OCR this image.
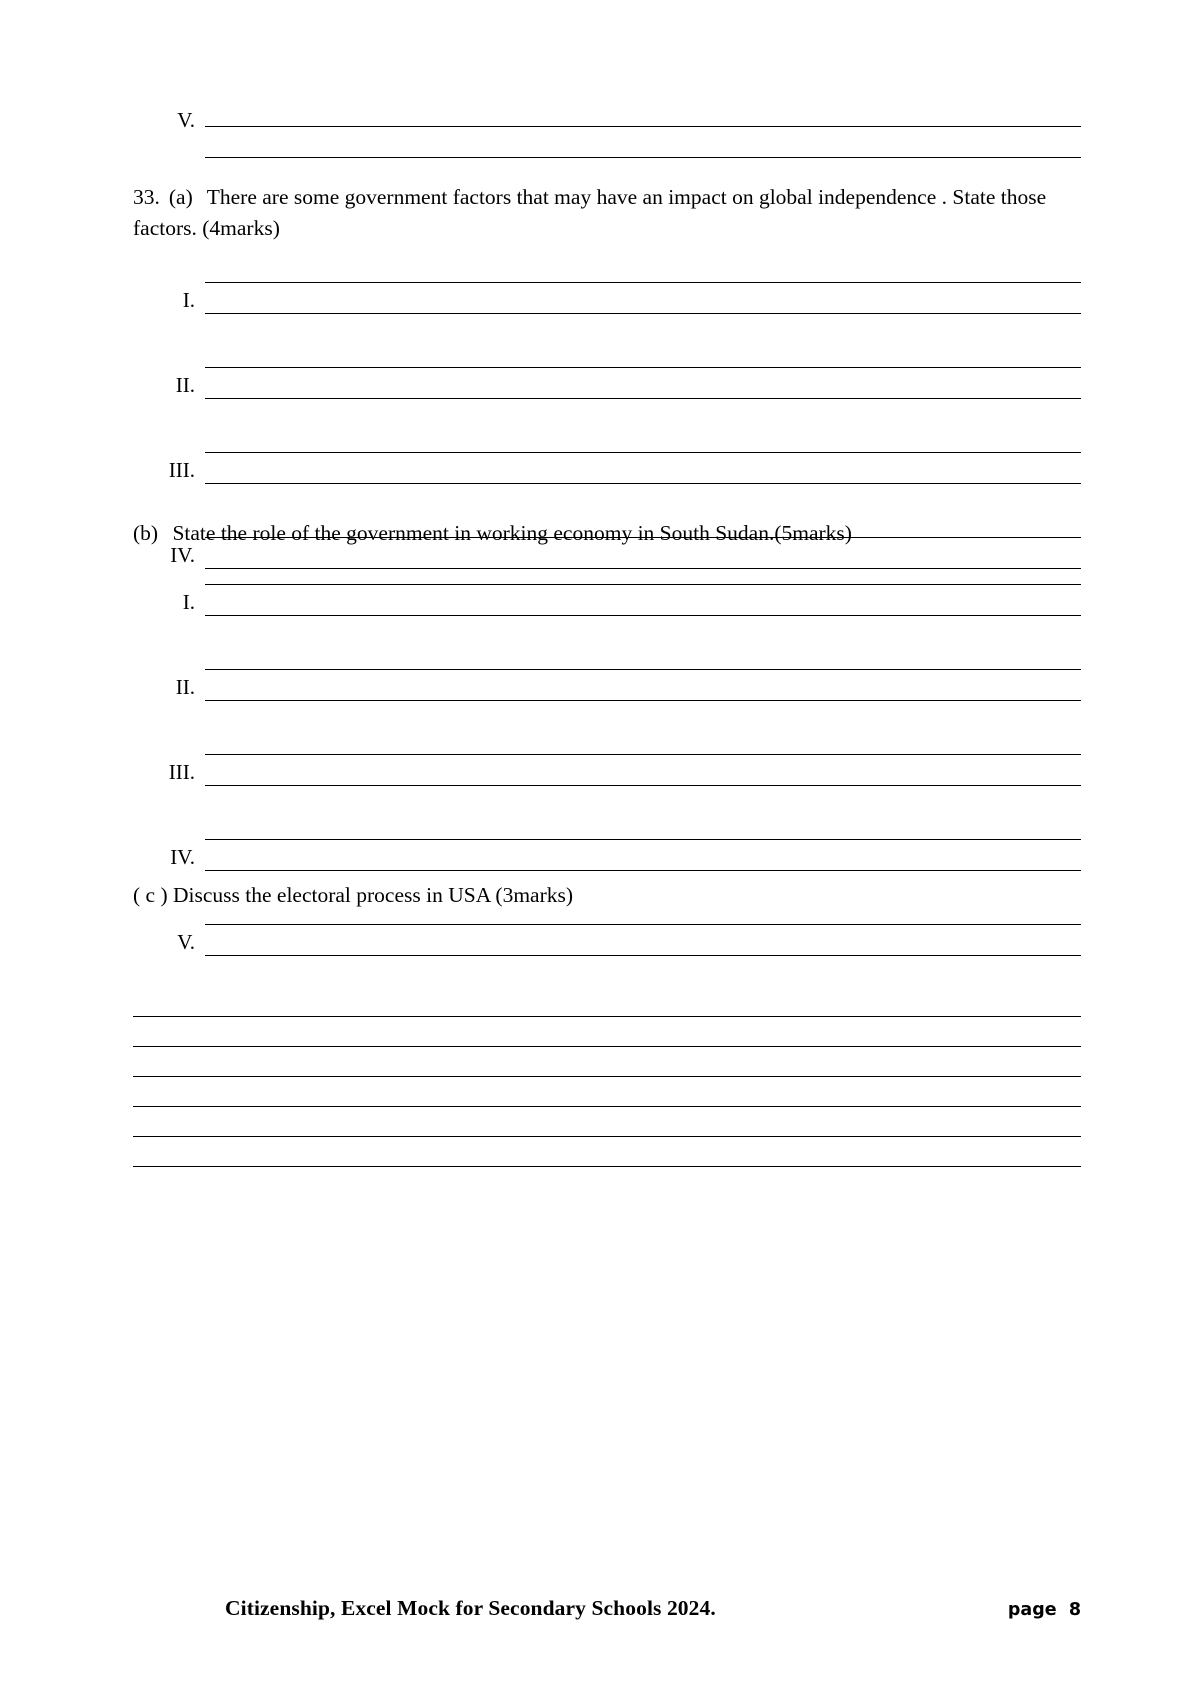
V.
33. (a) There are some government factors that may have an impact on global independence . State those factors. (4marks)
I.
II.
III.
IV.
(b) State the role of the government in working economy in South Sudan.(5marks)
I.
II.
III.
IV.
V.
( c ) Discuss the electoral process in USA (3marks)
Citizenship, Excel Mock for Secondary Schools 2024.	page  8
